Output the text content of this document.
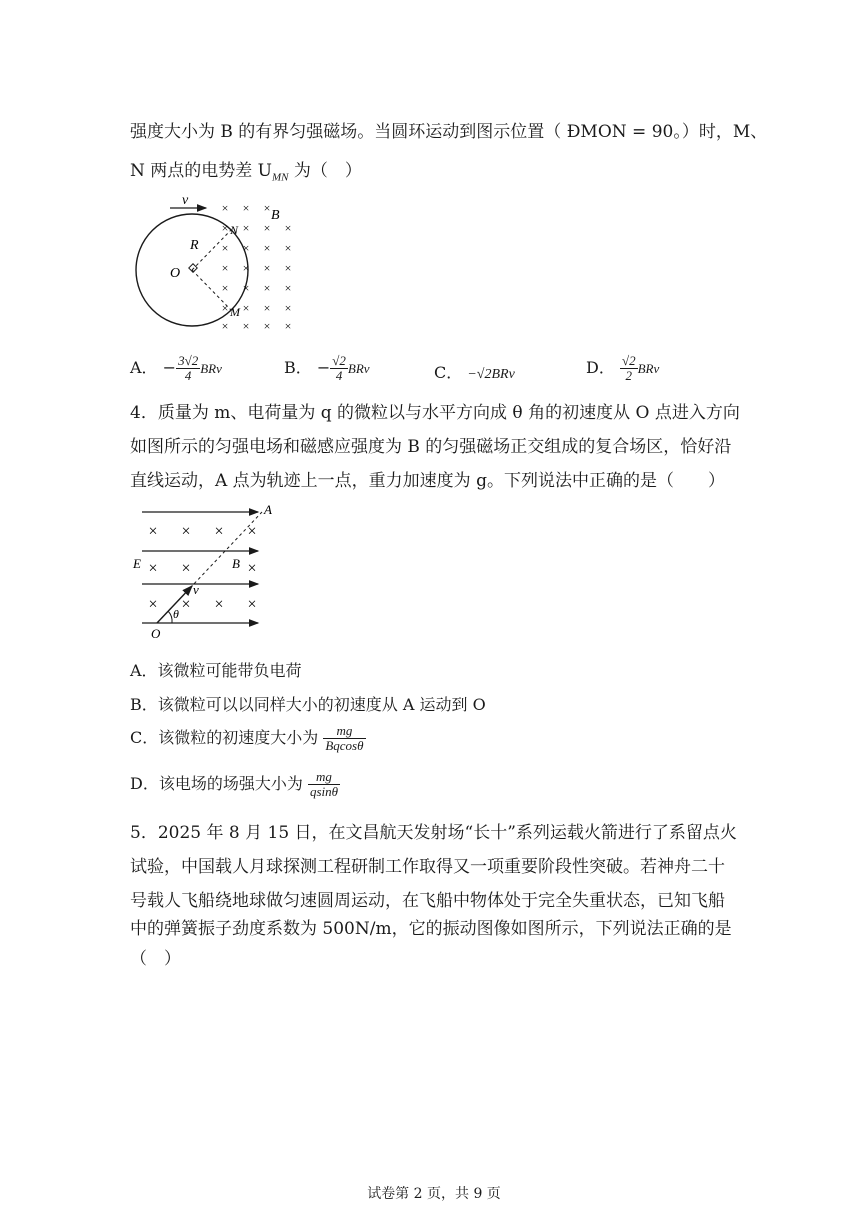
强度大小为 B 的有界匀强磁场。当圆环运动到图示位置（ ÐMON = 90。）时，M、
N 两点的电势差 $U_{MN}$ 为（　）
v
O
R
N
M
B
× × ×
× × × ×
× × × ×
× × × ×
× × × ×
× × × ×
× × × ×
A． − $\frac{3√2}{4}$ BRv	B． − $\frac{√2}{4}$ BRv	C． −√2BRv	D． $\frac{√2}{2}$ BRv
4．质量为 m、电荷量为 q 的微粒以与水平方向成 θ 角的初速度从 O 点进入方向
如图所示的匀强电场和磁感应强度为 B 的匀强磁场正交组成的复合场区，恰好沿
直线运动，A 点为轨迹上一点，重力加速度为 g。下列说法中正确的是（　　）
× × × ×
× ×	×
× × × ×
A
E	B
v
θ
O
A．该微粒可能带负电荷
B．该微粒可以以同样大小的初速度从 A 运动到 O
C．该微粒的初速度大小为 $\frac{mg}{Bqcos\theta}$
D．该电场的场强大小为 $\frac{mg}{qsin\theta}$
5．2025 年 8 月 15 日，在文昌航天发射场“长十”系列运载火箭进行了系留点火
试验，中国载人月球探测工程研制工作取得又一项重要阶段性突破。若神舟二十
号载人飞船绕地球做匀速圆周运动，在飞船中物体处于完全失重状态，已知飞船
中的弹簧振子劲度系数为 500N/m，它的振动图像如图所示，下列说法正确的是
（　）
试卷第 2 页，共 9 页
